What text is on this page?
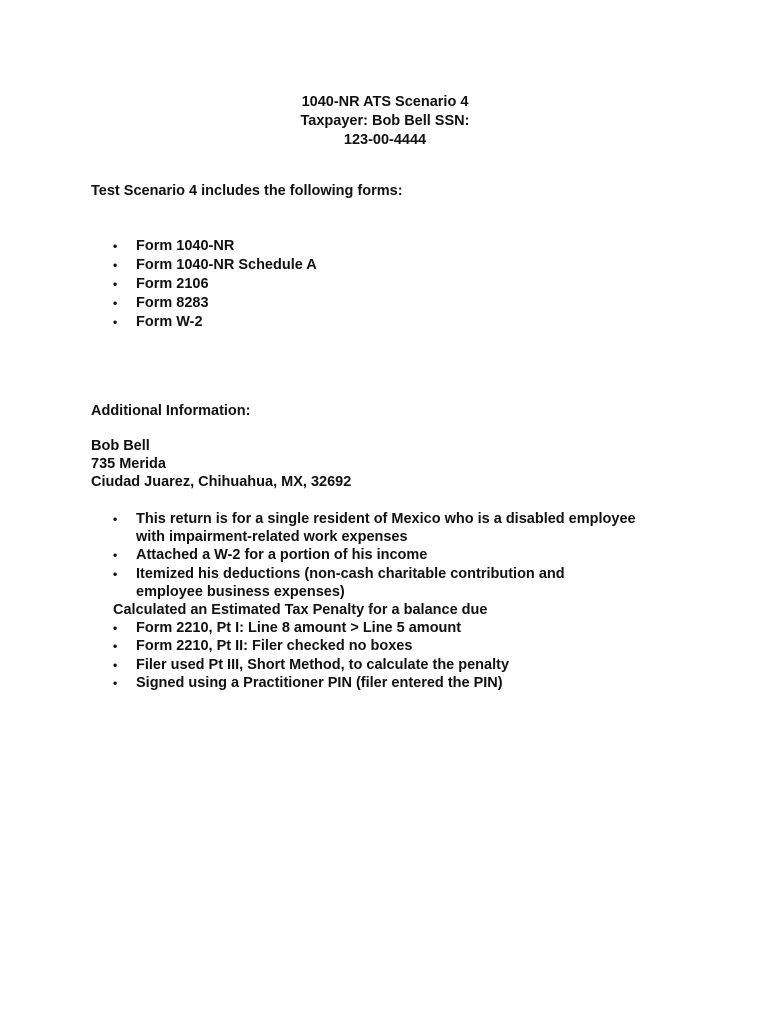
1040-NR ATS Scenario 4
Taxpayer: Bob Bell SSN:
123-00-4444
Test Scenario 4 includes the following forms:
• Form 1040-NR
• Form 1040-NR Schedule A
• Form 2106
• Form 8283
• Form W-2
Additional Information:
Bob Bell
735 Merida
Ciudad Juarez, Chihuahua, MX, 32692
• This return is for a single resident of Mexico who is a disabled employee
with impairment-related work expenses
• Attached a W-2 for a portion of his income
• Itemized his deductions (non-cash charitable contribution and
employee business expenses)
Calculated an Estimated Tax Penalty for a balance due
• Form 2210, Pt I: Line 8 amount > Line 5 amount
• Form 2210, Pt II: Filer checked no boxes
• Filer used Pt III, Short Method, to calculate the penalty
• Signed using a Practitioner PIN (filer entered the PIN)
